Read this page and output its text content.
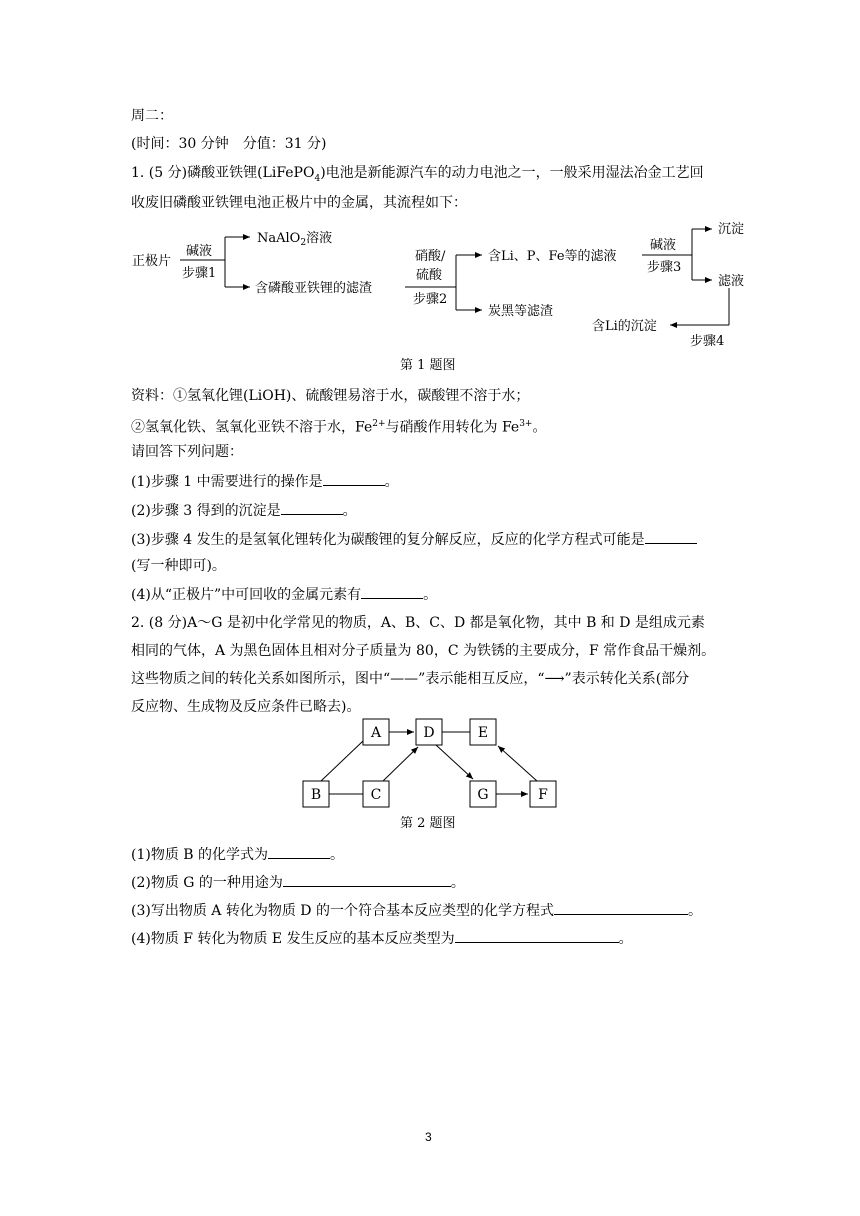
周二：
(时间：30 分钟　分值：31 分)
1. (5 分)磷酸亚铁锂(LiFePO$_4$)电池是新能源汽车的动力电池之一，一般采用湿法冶金工艺回
收废旧磷酸亚铁锂电池正极片中的金属，其流程如下：
正极片
碱液
步骤1
NaAlO$_2$溶液
含磷酸亚铁锂的滤渣
硝酸/
硫酸
步骤2
含Li、P、Fe等的滤液
炭黑等滤渣
碱液
步骤3
沉淀
滤液
含Li的沉淀
步骤4
第 1 题图
资料：①氢氧化锂(LiOH)、硫酸锂易溶于水，碳酸锂不溶于水；
②氢氧化铁、氢氧化亚铁不溶于水，$Fe^{2+}$与硝酸作用转化为 $Fe^{3+}$。
请回答下列问题：
(1)步骤 1 中需要进行的操作是	。
(2)步骤 3 得到的沉淀是	。
(3)步骤 4 发生的是氢氧化锂转化为碳酸锂的复分解反应，反应的化学方程式可能是
(写一种即可)。
(4)从“正极片”中可回收的金属元素有	。
2. (8 分)A～G 是初中化学常见的物质，A、B、C、D 都是氧化物，其中 B 和 D 是组成元素
相同的气体，A 为黑色固体且相对分子质量为 80，C 为铁锈的主要成分，F 常作食品干燥剂。
这些物质之间的转化关系如图所示，图中“——”表示能相互反应，“⟶”表示转化关系(部分
反应物、生成物及反应条件已略去)。
A	D	E
B	C	G	F
第 2 题图
(1)物质 B 的化学式为	。
(2)物质 G 的一种用途为	。
(3)写出物质 A 转化为物质 D 的一个符合基本反应类型的化学方程式	。
(4)物质 F 转化为物质 E 发生反应的基本反应类型为	。
3
